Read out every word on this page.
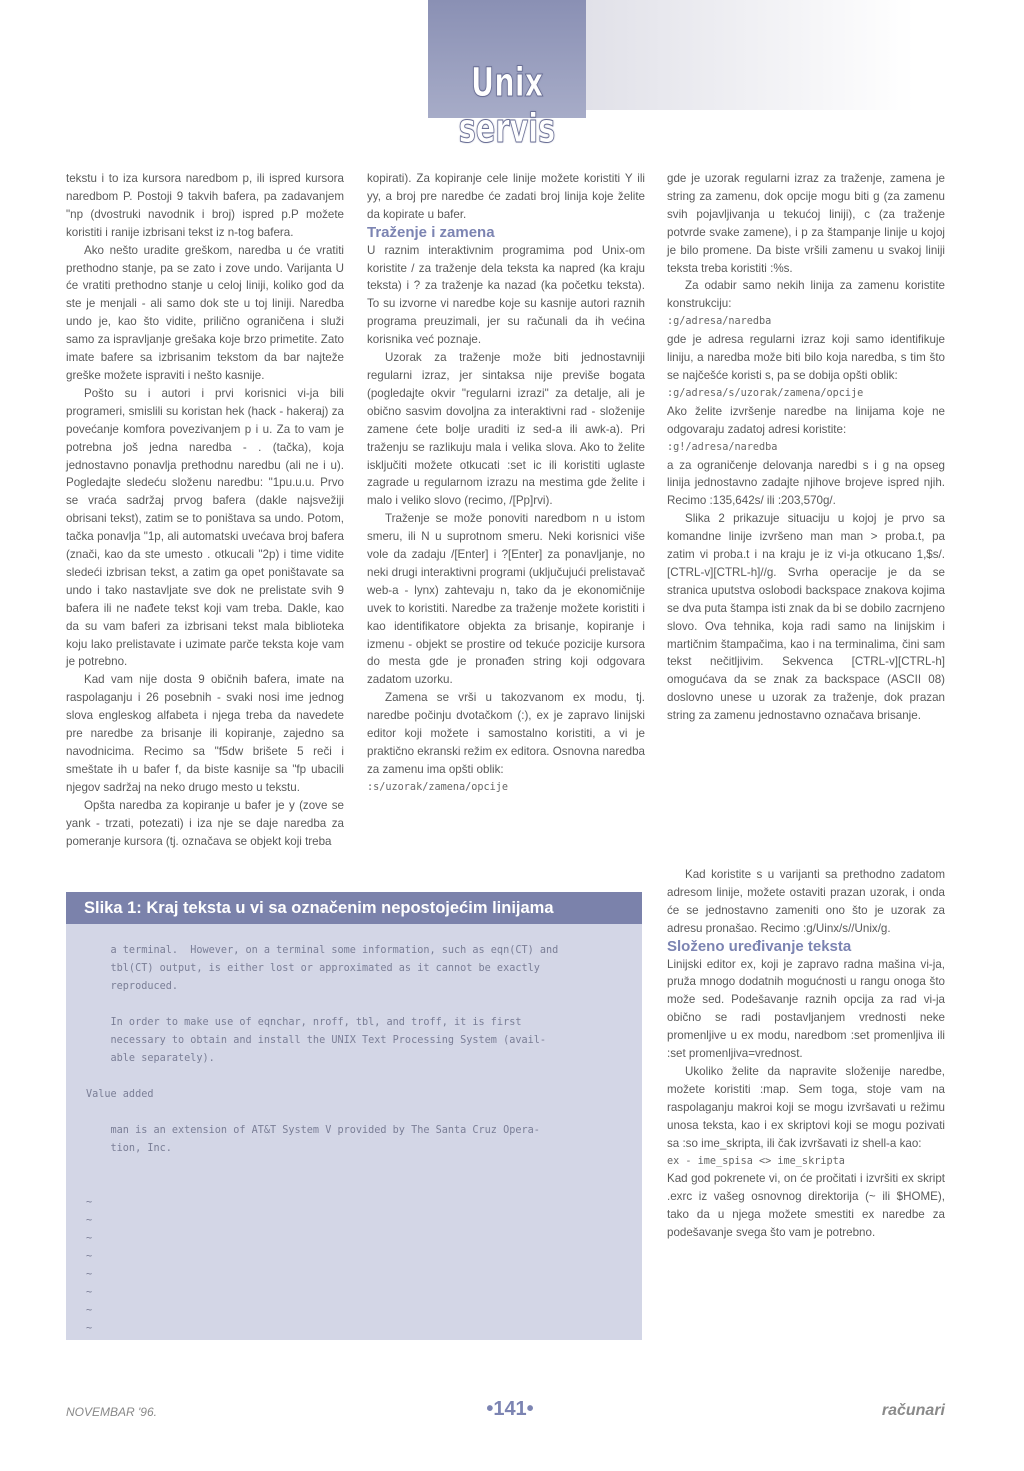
Unix servis

tekstu i to iza kursora naredbom p, ili ispred kursora naredbom P. Postoji 9 takvih bafera, pa zadavanjem "np (dvostruki navodnik i broj) ispred p.P možete koristiti i ranije izbrisani tekst iz n-tog bafera.

Ako nešto uradite greškom, naredba u će vratiti prethodno stanje, pa se zato i zove undo. Varijanta U će vratiti prethodno stanje u celoj liniji, koliko god da ste je menjali - ali samo dok ste u toj liniji. Naredba undo je, kao što vidite, prilično ograničena i služi samo za ispravljanje grešaka koje brzo primetite. Zato imate bafere sa izbrisanim tekstom da bar najteže greške možete ispraviti i nešto kasnije.

Pošto su i autori i prvi korisnici vi-ja bili programeri, smislili su koristan hek (hack - hakeraj) za povećanje komfora povezivanjem p i u. Za to vam je potrebna još jedna naredba - . (tačka), koja jednostavno ponavlja prethodnu naredbu (ali ne i u). Pogledajte sledeću složenu naredbu: "1pu.u.u. Prvo se vraća sadržaj prvog bafera (dakle najsvežiji obrisani tekst), zatim se to poništava sa undo. Potom, tačka ponavlja "1p, ali automatski uvećava broj bafera (znači, kao da ste umesto . otkucali "2p) i time vidite sledeći izbrisan tekst, a zatim ga opet poništavate sa undo i tako nastavljate sve dok ne prelistate svih 9 bafera ili ne nađete tekst koji vam treba. Dakle, kao da su vam baferi za izbrisani tekst mala biblioteka koju lako prelistavate i uzimate parče teksta koje vam je potrebno.

Kad vam nije dosta 9 običnih bafera, imate na raspolaganju i 26 posebnih - svaki nosi ime jednog slova engleskog alfabeta i njega treba da navedete pre naredbe za brisanje ili kopiranje, zajedno sa navodnicima. Recimo sa "f5dw brišete 5 reči i smeštate ih u bafer f, da biste kasnije sa "fp ubacili njegov sadržaj na neko drugo mesto u tekstu.

Opšta naredba za kopiranje u bafer je y (zove se yank - trzati, potezati) i iza nje se daje naredba za pomeranje kursora (tj. označava se objekt koji treba

kopirati). Za kopiranje cele linije možete koristiti Y ili yy, a broj pre naredbe će zadati broj linija koje želite da kopirate u bafer.

Traženje i zamena

U raznim interaktivnim programima pod Unix-om koristite / za traženje dela teksta ka napred (ka kraju teksta) i ? za traženje ka nazad (ka početku teksta). To su izvorne vi naredbe koje su kasnije autori raznih programa preuzimali, jer su računali da ih većina korisnika već poznaje.

Uzorak za traženje može biti jednostavniji regularni izraz, jer sintaksa nije previše bogata (pogledajte okvir "regularni izrazi" za detalje, ali je obično sasvim dovoljna za interaktivni rad - složenije zamene ćete bolje uraditi iz sed-a ili awk-a). Pri traženju se razlikuju mala i velika slova. Ako to želite isključiti možete otkucati :set ic ili koristiti uglaste zagrade u regularnom izrazu na mestima gde želite i malo i veliko slovo (recimo, /[Pp]rvi).

Traženje se može ponoviti naredbom n u istom smeru, ili N u suprotnom smeru. Neki korisnici više vole da zadaju /[Enter] i ?[Enter] za ponavljanje, no neki drugi interaktivni programi (uključujući prelistavač web-a - lynx) zahtevaju n, tako da je ekonomičnije uvek to koristiti. Naredbe za traženje možete koristiti i kao identifikatore objekta za brisanje, kopiranje i izmenu - objekt se prostire od tekuće pozicije kursora do mesta gde je pronađen string koji odgovara zadatom uzorku.

Zamena se vrši u takozvanom ex modu, tj. naredbe počinju dvotačkom (:), ex je zapravo linijski editor koji možete i samostalno koristiti, a vi je praktično ekranski režim ex editora. Osnovna naredba za zamenu ima opšti oblik:

:s/uzorak/zamena/opcije

gde je uzorak regularni izraz za traženje, zamena je string za zamenu, dok opcije mogu biti g (za zamenu svih pojavljivanja u tekućoj liniji), c (za traženje potvrde svake zamene), i p za štampanje linije u kojoj je bilo promene. Da biste vršili zamenu u svakoj liniji teksta treba koristiti :%s.

Za odabir samo nekih linija za zamenu koristite konstrukciju:

:g/adresa/naredba

gde je adresa regularni izraz koji samo identifikuje liniju, a naredba može biti bilo koja naredba, s tim što se najčešće koristi s, pa se dobija opšti oblik:

:g/adresa/s/uzorak/zamena/opcije

Ako želite izvršenje naredbe na linijama koje ne odgovaraju zadatoj adresi koristite:

:g!/adresa/naredba

a za ograničenje delovanja naredbi s i g na opseg linija jednostavno zadajte njihove brojeve ispred njih. Recimo :135,642s/ ili :203,570g/.

Slika 2 prikazuje situaciju u kojoj je prvo sa komandne linije izvršeno man man > proba.t, pa zatim vi proba.t i na kraju je iz vi-ja otkucano 1,$s/.[CTRL-v][CTRL-h]//g. Svrha operacije je da se stranica uputstva oslobodi backspace znakova kojima se dva puta štampa isti znak da bi se dobilo zacrnjeno slovo. Ova tehnika, koja radi samo na linijskim i martičnim štampačima, kao i na terminalima, čini sam tekst nečitljivim. Sekvenca [CTRL-v][CTRL-h] omogućava da se znak za backspace (ASCII 08) doslovno unese u uzorak za traženje, dok prazan string za zamenu jednostavno označava brisanje.

Kad koristite s u varijanti sa prethodno zadatom adresom linije, možete ostaviti prazan uzorak, i onda će se jednostavno zameniti ono što je uzorak za adresu pronašao. Recimo :g/Uinx/s//Unix/g.

Složeno uređivanje teksta

Linijski editor ex, koji je zapravo radna mašina vi-ja, pruža mnogo dodatnih mogućnosti u rangu onoga što može sed. Podešavanje raznih opcija za rad vi-ja obično se radi postavljanjem vrednosti neke promenljive u ex modu, naredbom :set promenljiva ili :set promenljiva=vrednost.

Ukoliko želite da napravite složenije naredbe, možete koristiti :map. Sem toga, stoje vam na raspolaganju makroi koji se mogu izvršavati u režimu unosa teksta, kao i ex skriptovi koji se mogu pozivati sa :so ime_skripta, ili čak izvršavati iz shell-a kao:

ex - ime_spisa <> ime_skripta

Kad god pokrenete vi, on će pročitati i izvršiti ex skript .exrc iz vašeg osnovnog direktorija (~ ili $HOME), tako da u njega možete smestiti ex naredbe za podešavanje svega što vam je potrebno.

Slika 1: Kraj teksta u vi sa označenim nepostojećim linijama
a terminal.  However, on a terminal some information, such as eqn(CT) and
tbl(CT) output, is either lost or approximated as it cannot be exactly
reproduced.
In order to make use of eqnchar, nroff, tbl, and troff, it is first
necessary to obtain and install the UNIX Text Processing System (avail-
able separately).
Value added
man is an extension of AT&T System V provided by The Santa Cruz Opera-
tion, Inc.
~
~
~
~
~
~
~
~
NOVEMBAR '96.	•141•	računari
